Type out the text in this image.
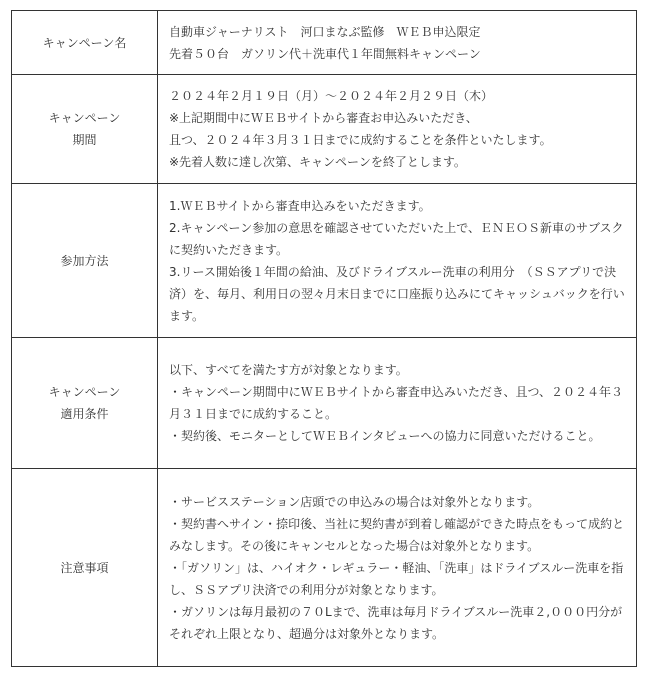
キャンペーン名	自動車ジャーナリスト　河口まなぶ監修　ＷＥＢ申込限定
先着５０台　ガソリン代＋洗車代１年間無料キャンペーン

キャンペーン
期間	２０２４年２月１９日（月）～２０２４年２月２９日（木）
※上記期間中にＷＥＢサイトから審査お申込みいただき、
且つ、２０２４年３月３１日までに成約することを条件といたします。
※先着人数に達し次第、キャンペーンを終了とします。

参加方法	1.ＷＥＢサイトから審査申込みをいただきます。
2.キャンペーン参加の意思を確認させていただいた上で、ＥＮＥＯＳ新車のサブスクに契約いただきます。
3.リース開始後１年間の給油、及びドライブスルー洗車の利用分　（ＳＳアプリで決済）を、毎月、利用日の翌々月末日までに口座振り込みにてキャッシュバックを行います。

キャンペーン
適用条件	以下、すべてを満たす方が対象となります。
・キャンペーン期間中にＷＥＢサイトから審査申込みいただき、且つ、２０２４年３月３１日までに成約すること。
・契約後、モニターとしてＷＥＢインタビューへの協力に同意いただけること。

注意事項	・サービスステーション店頭での申込みの場合は対象外となります。
・契約書へサイン・捺印後、当社に契約書が到着し確認ができた時点をもって成約とみなします。その後にキャンセルとなった場合は対象外となります。
・「ガソリン」は、ハイオク・レギュラー・軽油、「洗車」はドライブスルー洗車を指し、ＳＳアプリ決済での利用分が対象となります。
・ガソリンは毎月最初の７０Lまで、洗車は毎月ドライブスルー洗車２,０００円分がそれぞれ上限となり、超過分は対象外となります。
